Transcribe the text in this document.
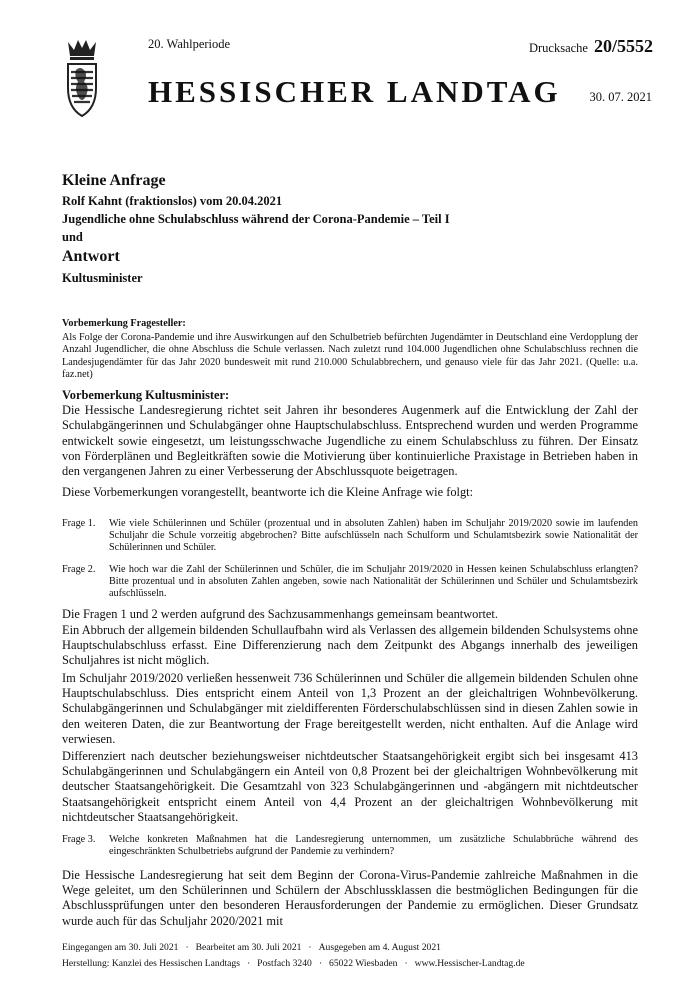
20. Wahlperiode
HESSISCHER LANDTAG
Drucksache 20/5552
30. 07. 2021
Kleine Anfrage
Rolf Kahnt (fraktionslos) vom 20.04.2021
Jugendliche ohne Schulabschluss während der Corona-Pandemie – Teil I
und
Antwort
Kultusminister
Vorbemerkung Fragesteller:
Als Folge der Corona-Pandemie und ihre Auswirkungen auf den Schulbetrieb befürchten Jugendämter in Deutschland eine Verdopplung der Anzahl Jugendlicher, die ohne Abschluss die Schule verlassen. Nach zuletzt rund 104.000 Jugendlichen ohne Schulabschluss rechnen die Landesjugendämter für das Jahr 2020 bundesweit mit rund 210.000 Schulabbrechern, und genauso viele für das Jahr 2021. (Quelle: u.a. faz.net)
Vorbemerkung Kultusminister:
Die Hessische Landesregierung richtet seit Jahren ihr besonderes Augenmerk auf die Entwicklung der Zahl der Schulabgängerinnen und Schulabgänger ohne Hauptschulabschluss. Entsprechend wurden und werden Programme entwickelt sowie eingesetzt, um leistungsschwache Jugendliche zu einem Schulabschluss zu führen. Der Einsatz von Förderplänen und Begleitkräften sowie die Motivierung über kontinuierliche Praxistage in Betrieben haben in den vergangenen Jahren zu einer Verbesserung der Abschlussquote beigetragen.
Diese Vorbemerkungen vorangestellt, beantworte ich die Kleine Anfrage wie folgt:
Frage 1. Wie viele Schülerinnen und Schüler (prozentual und in absoluten Zahlen) haben im Schuljahr 2019/2020 sowie im laufenden Schuljahr die Schule vorzeitig abgebrochen? Bitte aufschlüsseln nach Schulform und Schulamtsbezirk sowie Nationalität der Schülerinnen und Schüler.
Frage 2. Wie hoch war die Zahl der Schülerinnen und Schüler, die im Schuljahr 2019/2020 in Hessen keinen Schulabschluss erlangten? Bitte prozentual und in absoluten Zahlen angeben, sowie nach Nationalität der Schülerinnen und Schüler und Schulamtsbezirk aufschlüsseln.
Die Fragen 1 und 2 werden aufgrund des Sachzusammenhangs gemeinsam beantwortet.
Ein Abbruch der allgemein bildenden Schullaufbahn wird als Verlassen des allgemein bildenden Schulsystems ohne Hauptschulabschluss erfasst. Eine Differenzierung nach dem Zeitpunkt des Abgangs innerhalb des jeweiligen Schuljahres ist nicht möglich.
Im Schuljahr 2019/2020 verließen hessenweit 736 Schülerinnen und Schüler die allgemein bildenden Schulen ohne Hauptschulabschluss. Dies entspricht einem Anteil von 1,3 Prozent an der gleichaltrigen Wohnbevölkerung. Schulabgängerinnen und Schulabgänger mit zieldifferenten Förderschulabschlüssen sind in diesen Zahlen sowie in den weiteren Daten, die zur Beantwortung der Frage bereitgestellt werden, nicht enthalten. Auf die Anlage wird verwiesen.
Differenziert nach deutscher beziehungsweiser nichtdeutscher Staatsangehörigkeit ergibt sich bei insgesamt 413 Schulabgängerinnen und Schulabgängern ein Anteil von 0,8 Prozent bei der gleichaltrigen Wohnbevölkerung mit deutscher Staatsangehörigkeit. Die Gesamtzahl von 323 Schulabgängerinnen und -abgängern mit nichtdeutscher Staatsangehörigkeit entspricht einem Anteil von 4,4 Prozent an der gleichaltrigen Wohnbevölkerung mit nichtdeutscher Staatsangehörigkeit.
Frage 3. Welche konkreten Maßnahmen hat die Landesregierung unternommen, um zusätzliche Schulabbrüche während des eingeschränkten Schulbetriebs aufgrund der Pandemie zu verhindern?
Die Hessische Landesregierung hat seit dem Beginn der Corona-Virus-Pandemie zahlreiche Maßnahmen in die Wege geleitet, um den Schülerinnen und Schülern der Abschlussklassen die bestmöglichen Bedingungen für die Abschlussprüfungen unter den besonderen Herausforderungen der Pandemie zu ermöglichen. Dieser Grundsatz wurde auch für das Schuljahr 2020/2021 mit
Eingegangen am 30. Juli 2021 · Bearbeitet am 30. Juli 2021 · Ausgegeben am 4. August 2021
Herstellung: Kanzlei des Hessischen Landtags · Postfach 3240 · 65022 Wiesbaden · www.Hessischer-Landtag.de
